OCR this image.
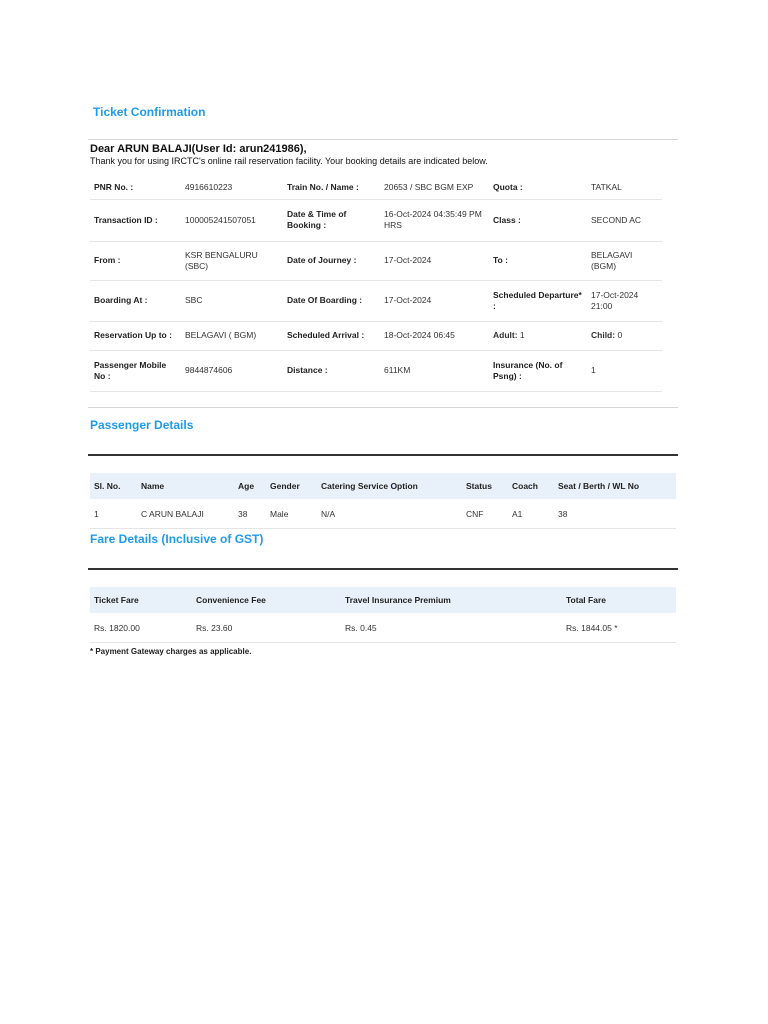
Ticket Confirmation
Dear ARUN BALAJI(User Id: arun241986),
Thank you for using IRCTC's online rail reservation facility. Your booking details are indicated below.
PNR No. :	4916610223	Train No. / Name :	20653 / SBC BGM EXP	Quota :	TATKAL
Transaction ID :	100005241507051	Date & Time of Booking :	16-Oct-2024 04:35:49 PM HRS	Class :	SECOND AC
From :	KSR BENGALURU (SBC)	Date of Journey :	17-Oct-2024	To :	BELAGAVI (BGM)
Boarding At :	SBC	Date Of Boarding :	17-Oct-2024	Scheduled Departure* :	17-Oct-2024 21:00
Reservation Up to :	BELAGAVI ( BGM)	Scheduled Arrival :	18-Oct-2024 06:45	Adult: 1	Child: 0
Passenger Mobile No :	9844874606	Distance :	611KM	Insurance (No. of Psng) :	1
Passenger Details
Sl. No.	Name	Age	Gender	Catering Service Option	Status	Coach	Seat / Berth / WL No
1	C ARUN BALAJI	38	Male	N/A	CNF	A1	38
Fare Details (Inclusive of GST)
Ticket Fare	Convenience Fee	Travel Insurance Premium	Total Fare
Rs. 1820.00	Rs. 23.60	Rs. 0.45	Rs. 1844.05 *
* Payment Gateway charges as applicable.
